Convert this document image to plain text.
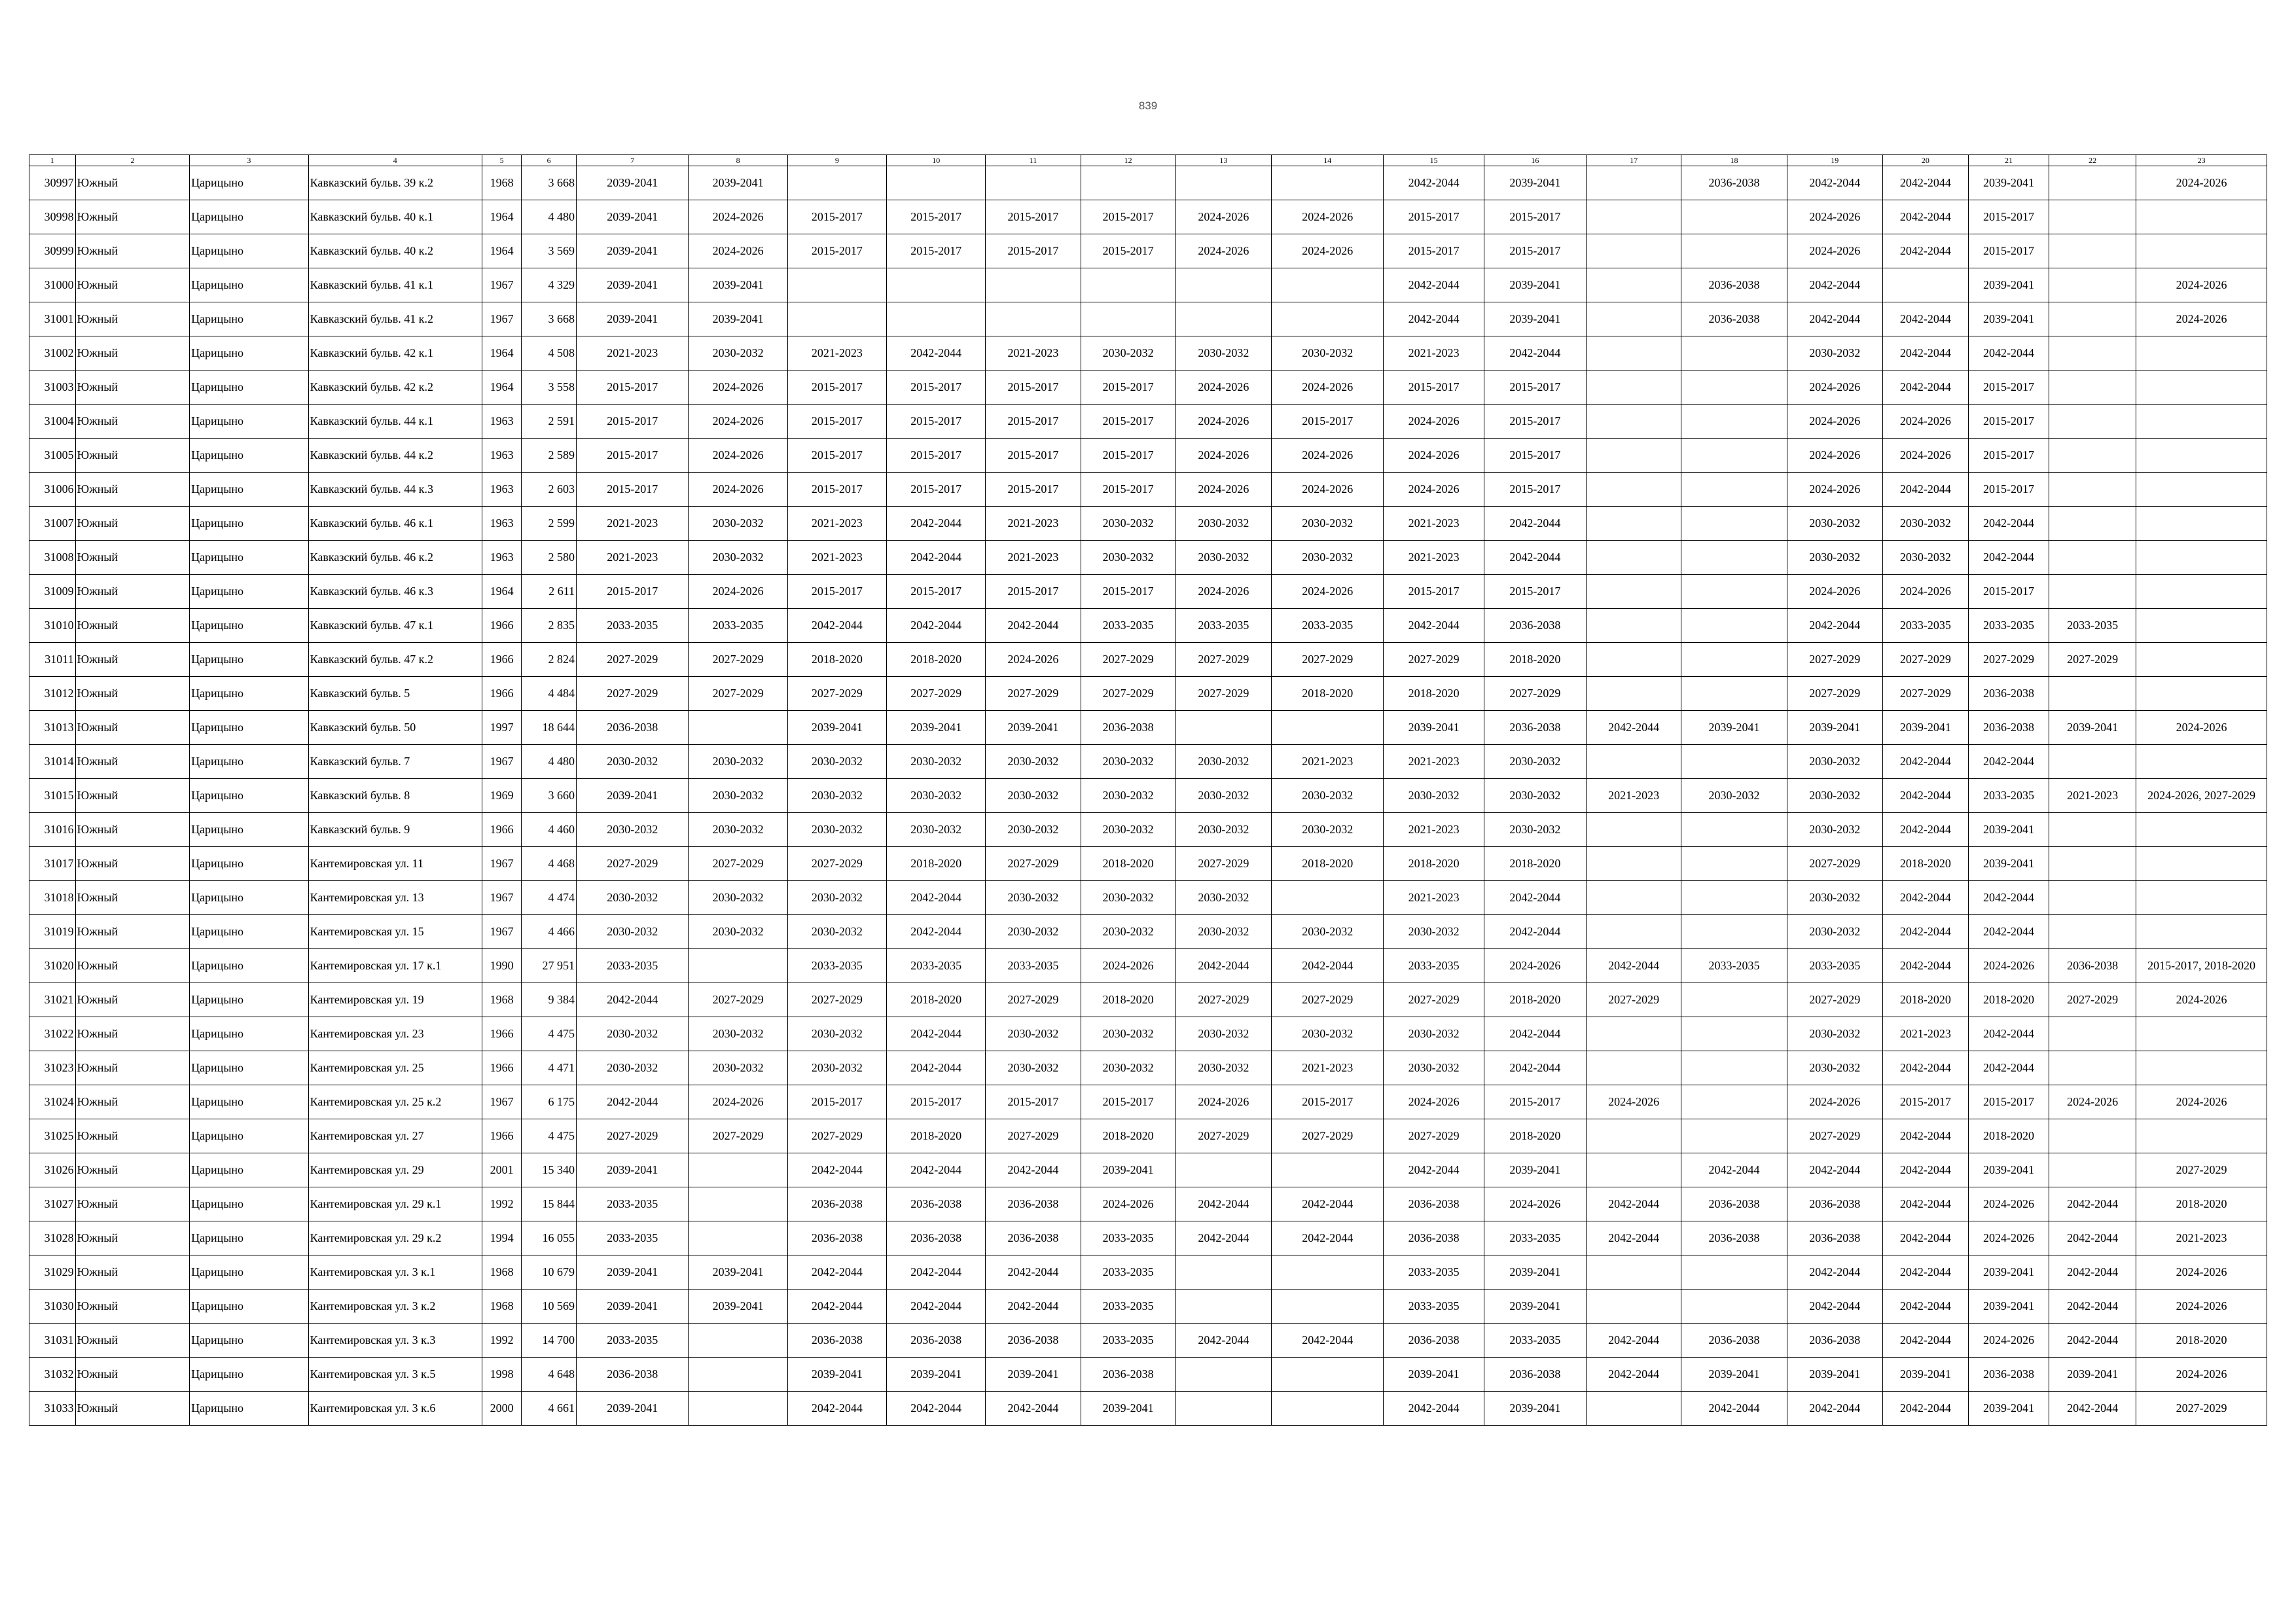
839
1	2	3	4	5	6	7	8	9	10	11	12	13	14	15	16	17	18	19	20	21	22	23
30997	Южный	Царицыно	Кавказский бульв. 39 к.2	1968	3 668	2039-2041	2039-2041							2042-2044	2039-2041		2036-2038	2042-2044	2042-2044	2039-2041		2024-2026
30998	Южный	Царицыно	Кавказский бульв. 40 к.1	1964	4 480	2039-2041	2024-2026	2015-2017	2015-2017	2015-2017	2015-2017	2024-2026	2024-2026	2015-2017	2015-2017			2024-2026	2042-2044	2015-2017		
30999	Южный	Царицыно	Кавказский бульв. 40 к.2	1964	3 569	2039-2041	2024-2026	2015-2017	2015-2017	2015-2017	2015-2017	2024-2026	2024-2026	2015-2017	2015-2017			2024-2026	2042-2044	2015-2017		
31000	Южный	Царицыно	Кавказский бульв. 41 к.1	1967	4 329	2039-2041	2039-2041							2042-2044	2039-2041		2036-2038	2042-2044		2039-2041		2024-2026
31001	Южный	Царицыно	Кавказский бульв. 41 к.2	1967	3 668	2039-2041	2039-2041							2042-2044	2039-2041		2036-2038	2042-2044	2042-2044	2039-2041		2024-2026
31002	Южный	Царицыно	Кавказский бульв. 42 к.1	1964	4 508	2021-2023	2030-2032	2021-2023	2042-2044	2021-2023	2030-2032	2030-2032	2030-2032	2021-2023	2042-2044			2030-2032	2042-2044	2042-2044		
31003	Южный	Царицыно	Кавказский бульв. 42 к.2	1964	3 558	2015-2017	2024-2026	2015-2017	2015-2017	2015-2017	2015-2017	2024-2026	2024-2026	2015-2017	2015-2017			2024-2026	2042-2044	2015-2017		
31004	Южный	Царицыно	Кавказский бульв. 44 к.1	1963	2 591	2015-2017	2024-2026	2015-2017	2015-2017	2015-2017	2015-2017	2024-2026	2015-2017	2024-2026	2015-2017			2024-2026	2024-2026	2015-2017		
31005	Южный	Царицыно	Кавказский бульв. 44 к.2	1963	2 589	2015-2017	2024-2026	2015-2017	2015-2017	2015-2017	2015-2017	2024-2026	2024-2026	2024-2026	2015-2017			2024-2026	2024-2026	2015-2017		
31006	Южный	Царицыно	Кавказский бульв. 44 к.3	1963	2 603	2015-2017	2024-2026	2015-2017	2015-2017	2015-2017	2015-2017	2024-2026	2024-2026	2024-2026	2015-2017			2024-2026	2042-2044	2015-2017		
31007	Южный	Царицыно	Кавказский бульв. 46 к.1	1963	2 599	2021-2023	2030-2032	2021-2023	2042-2044	2021-2023	2030-2032	2030-2032	2030-2032	2021-2023	2042-2044			2030-2032	2030-2032	2042-2044		
31008	Южный	Царицыно	Кавказский бульв. 46 к.2	1963	2 580	2021-2023	2030-2032	2021-2023	2042-2044	2021-2023	2030-2032	2030-2032	2030-2032	2021-2023	2042-2044			2030-2032	2030-2032	2042-2044		
31009	Южный	Царицыно	Кавказский бульв. 46 к.3	1964	2 611	2015-2017	2024-2026	2015-2017	2015-2017	2015-2017	2015-2017	2024-2026	2024-2026	2015-2017	2015-2017			2024-2026	2024-2026	2015-2017		
31010	Южный	Царицыно	Кавказский бульв. 47 к.1	1966	2 835	2033-2035	2033-2035	2042-2044	2042-2044	2042-2044	2033-2035	2033-2035	2033-2035	2042-2044	2036-2038			2042-2044	2033-2035	2033-2035	2033-2035	
31011	Южный	Царицыно	Кавказский бульв. 47 к.2	1966	2 824	2027-2029	2027-2029	2018-2020	2018-2020	2024-2026	2027-2029	2027-2029	2027-2029	2027-2029	2018-2020			2027-2029	2027-2029	2027-2029	2027-2029	
31012	Южный	Царицыно	Кавказский бульв. 5	1966	4 484	2027-2029	2027-2029	2027-2029	2027-2029	2027-2029	2027-2029	2027-2029	2018-2020	2018-2020	2027-2029			2027-2029	2027-2029	2036-2038		
31013	Южный	Царицыно	Кавказский бульв. 50	1997	18 644	2036-2038		2039-2041	2039-2041	2039-2041	2036-2038			2039-2041	2036-2038	2042-2044	2039-2041	2039-2041	2039-2041	2036-2038	2039-2041	2024-2026
31014	Южный	Царицыно	Кавказский бульв. 7	1967	4 480	2030-2032	2030-2032	2030-2032	2030-2032	2030-2032	2030-2032	2030-2032	2021-2023	2021-2023	2030-2032			2030-2032	2042-2044	2042-2044		
31015	Южный	Царицыно	Кавказский бульв. 8	1969	3 660	2039-2041	2030-2032	2030-2032	2030-2032	2030-2032	2030-2032	2030-2032	2030-2032	2030-2032	2030-2032	2021-2023	2030-2032	2030-2032	2042-2044	2033-2035	2021-2023	2024-2026, 2027-2029
31016	Южный	Царицыно	Кавказский бульв. 9	1966	4 460	2030-2032	2030-2032	2030-2032	2030-2032	2030-2032	2030-2032	2030-2032	2030-2032	2021-2023	2030-2032			2030-2032	2042-2044	2039-2041		
31017	Южный	Царицыно	Кантемировская ул. 11	1967	4 468	2027-2029	2027-2029	2027-2029	2018-2020	2027-2029	2018-2020	2027-2029	2018-2020	2018-2020	2018-2020			2027-2029	2018-2020	2039-2041		
31018	Южный	Царицыно	Кантемировская ул. 13	1967	4 474	2030-2032	2030-2032	2030-2032	2042-2044	2030-2032	2030-2032	2030-2032		2021-2023	2042-2044			2030-2032	2042-2044	2042-2044		
31019	Южный	Царицыно	Кантемировская ул. 15	1967	4 466	2030-2032	2030-2032	2030-2032	2042-2044	2030-2032	2030-2032	2030-2032	2030-2032	2030-2032	2042-2044			2030-2032	2042-2044	2042-2044		
31020	Южный	Царицыно	Кантемировская ул. 17 к.1	1990	27 951	2033-2035		2033-2035	2033-2035	2033-2035	2024-2026	2042-2044	2042-2044	2033-2035	2024-2026	2042-2044	2033-2035	2033-2035	2042-2044	2024-2026	2036-2038	2015-2017, 2018-2020
31021	Южный	Царицыно	Кантемировская ул. 19	1968	9 384	2042-2044	2027-2029	2027-2029	2018-2020	2027-2029	2018-2020	2027-2029	2027-2029	2027-2029	2018-2020	2027-2029		2027-2029	2018-2020	2018-2020	2027-2029	2024-2026
31022	Южный	Царицыно	Кантемировская ул. 23	1966	4 475	2030-2032	2030-2032	2030-2032	2042-2044	2030-2032	2030-2032	2030-2032	2030-2032	2030-2032	2042-2044			2030-2032	2021-2023	2042-2044		
31023	Южный	Царицыно	Кантемировская ул. 25	1966	4 471	2030-2032	2030-2032	2030-2032	2042-2044	2030-2032	2030-2032	2030-2032	2021-2023	2030-2032	2042-2044			2030-2032	2042-2044	2042-2044		
31024	Южный	Царицыно	Кантемировская ул. 25 к.2	1967	6 175	2042-2044	2024-2026	2015-2017	2015-2017	2015-2017	2015-2017	2024-2026	2015-2017	2024-2026	2015-2017	2024-2026		2024-2026	2015-2017	2015-2017	2024-2026	2024-2026
31025	Южный	Царицыно	Кантемировская ул. 27	1966	4 475	2027-2029	2027-2029	2027-2029	2018-2020	2027-2029	2018-2020	2027-2029	2027-2029	2027-2029	2018-2020			2027-2029	2042-2044	2018-2020		
31026	Южный	Царицыно	Кантемировская ул. 29	2001	15 340	2039-2041		2042-2044	2042-2044	2042-2044	2039-2041			2042-2044	2039-2041		2042-2044	2042-2044	2042-2044	2039-2041		2027-2029
31027	Южный	Царицыно	Кантемировская ул. 29 к.1	1992	15 844	2033-2035		2036-2038	2036-2038	2036-2038	2024-2026	2042-2044	2042-2044	2036-2038	2024-2026	2042-2044	2036-2038	2036-2038	2042-2044	2024-2026	2042-2044	2018-2020
31028	Южный	Царицыно	Кантемировская ул. 29 к.2	1994	16 055	2033-2035		2036-2038	2036-2038	2036-2038	2033-2035	2042-2044	2042-2044	2036-2038	2033-2035	2042-2044	2036-2038	2036-2038	2042-2044	2024-2026	2042-2044	2021-2023
31029	Южный	Царицыно	Кантемировская ул. 3 к.1	1968	10 679	2039-2041	2039-2041	2042-2044	2042-2044	2042-2044	2033-2035			2033-2035	2039-2041			2042-2044	2042-2044	2039-2041	2042-2044	2024-2026
31030	Южный	Царицыно	Кантемировская ул. 3 к.2	1968	10 569	2039-2041	2039-2041	2042-2044	2042-2044	2042-2044	2033-2035			2033-2035	2039-2041			2042-2044	2042-2044	2039-2041	2042-2044	2024-2026
31031	Южный	Царицыно	Кантемировская ул. 3 к.3	1992	14 700	2033-2035		2036-2038	2036-2038	2036-2038	2033-2035	2042-2044	2042-2044	2036-2038	2033-2035	2042-2044	2036-2038	2036-2038	2042-2044	2024-2026	2042-2044	2018-2020
31032	Южный	Царицыно	Кантемировская ул. 3 к.5	1998	4 648	2036-2038		2039-2041	2039-2041	2039-2041	2036-2038			2039-2041	2036-2038	2042-2044	2039-2041	2039-2041	2039-2041	2036-2038	2039-2041	2024-2026
31033	Южный	Царицыно	Кантемировская ул. 3 к.6	2000	4 661	2039-2041		2042-2044	2042-2044	2042-2044	2039-2041			2042-2044	2039-2041		2042-2044	2042-2044	2042-2044	2039-2041	2042-2044	2027-2029
